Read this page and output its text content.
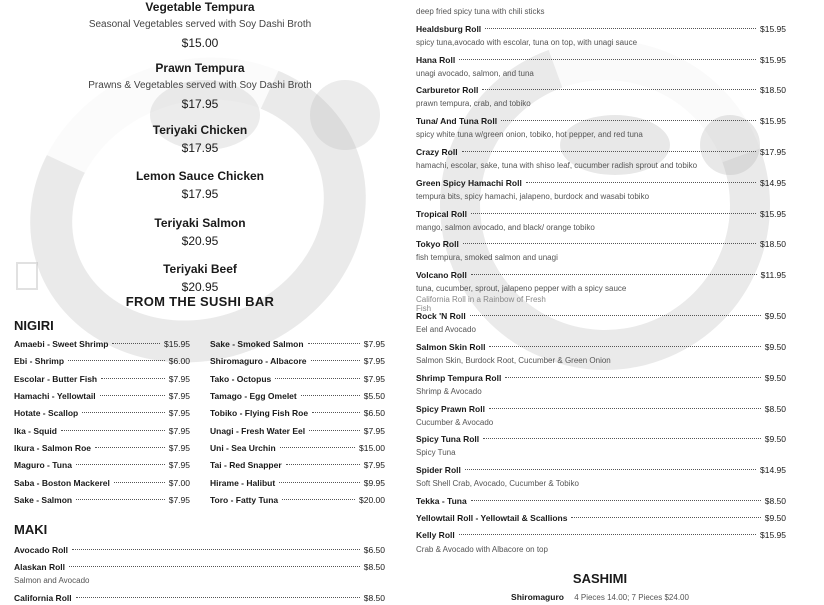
Vegetable Tempura
Seasonal Vegetables served with Soy Dashi Broth
$15.00
Prawn Tempura
Prawns & Vegetables served with Soy Dashi Broth
$17.95
Teriyaki Chicken
$17.95
Lemon Sauce Chicken
$17.95
Teriyaki Salmon
$20.95
Teriyaki Beef
$20.95
FROM THE SUSHI BAR
NIGIRI
Amaebi - Sweet Shrimp	$15.95
Ebi - Shrimp	$6.00
Escolar - Butter Fish	$7.95
Hamachi - Yellowtail	$7.95
Hotate - Scallop	$7.95
Ika - Squid	$7.95
Ikura - Salmon Roe	$7.95
Maguro - Tuna	$7.95
Saba - Boston Mackerel	$7.00
Sake - Salmon	$7.95
Sake - Smoked Salmon	$7.95
Shiromaguro - Albacore	$7.95
Tako - Octopus	$7.95
Tamago - Egg Omelet	$5.50
Tobiko - Flying Fish Roe	$6.50
Unagi - Fresh Water Eel	$7.95
Uni - Sea Urchin	$15.00
Tai - Red Snapper	$7.95
Hirame - Halibut	$9.95
Toro - Fatty Tuna	$20.00
MAKI
Avocado Roll	$6.50
Alaskan Roll	$8.50
Salmon and Avocado
California Roll	$8.50

deep fried spicy tuna with chili sticks
Healdsburg Roll	$15.95
spicy tuna,avocado with escolar, tuna on top, with unagi sauce
Hana Roll	$15.95
unagi avocado, salmon, and tuna
Carburetor Roll	$18.50
prawn tempura, crab, and tobiko
Tuna/ And Tuna Roll	$15.95
spicy white tuna w/green onion, tobiko, hot pepper, and red tuna
Crazy Roll	$17.95
hamachi, escolar, sake, tuna with shiso leaf, cucumber radish sprout and tobiko
Green Spicy Hamachi Roll	$14.95
tempura bits, spicy hamachi, jalapeno, burdock and wasabi tobiko
Tropical Roll	$15.95
mango, salmon avocado, and black/ orange tobiko
Tokyo Roll	$18.50
fish tempura, smoked salmon and unagi
Volcano Roll	$11.95
tuna, cucumber, sprout, jalapeno pepper with a spicy sauce
California Roll in a Rainbow of Fresh Fish
Rock 'N Roll	$9.50
Eel and Avocado
Salmon Skin Roll	$9.50
Salmon Skin, Burdock Root, Cucumber & Green Onion
Shrimp Tempura Roll	$9.50
Shrimp & Avocado
Spicy Prawn Roll	$8.50
Cucumber & Avocado
Spicy Tuna Roll	$9.50
Spicy Tuna
Spider Roll	$14.95
Soft Shell Crab, Avocado, Cucumber & Tobiko
Tekka - Tuna	$8.50
Yellowtail Roll - Yellowtail & Scallions	$9.50
Kelly Roll	$15.95
Crab & Avocado with Albacore on top
SASHIMI
Shiromaguro 4 Pieces 14.00; 7 Pieces $24.00
